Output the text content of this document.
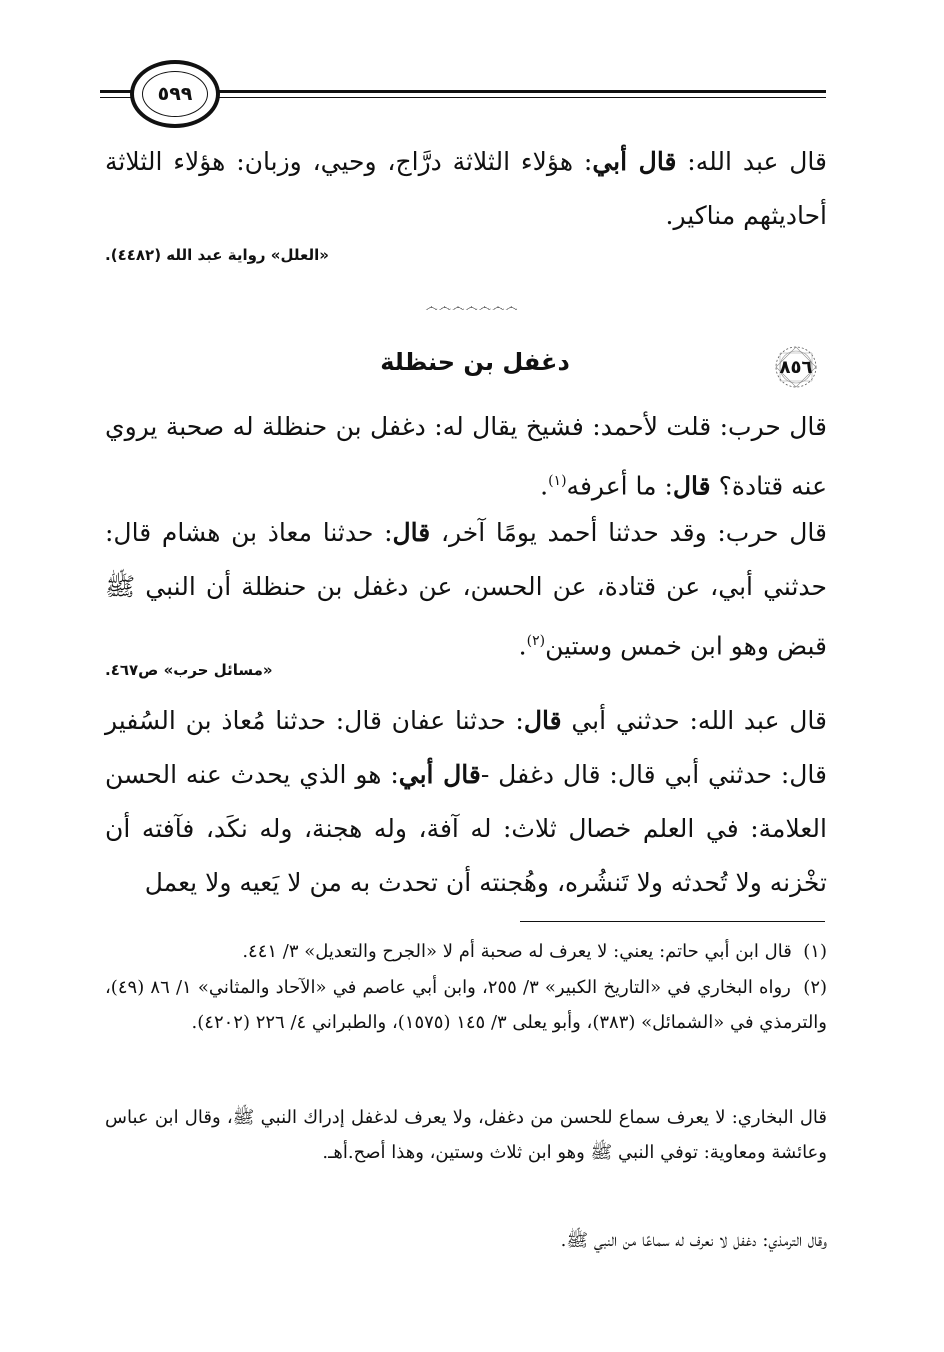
٥٩٩
قال عبد الله: قال أبي: هؤلاء الثلاثة درَّاج، وحيي، وزبان: هؤلاء الثلاثة أحاديثهم مناكير.
«العلل» رواية عبد الله (٤٤٨٢).
෴෴෴෴෴෴෴
٨٥٦
دغفل بن حنظلة
قال حرب: قلت لأحمد: فشيخ يقال له: دغفل بن حنظلة له صحبة يروي عنه قتادة؟ قال: ما أعرفه$^{(١)}$.
قال حرب: وقد حدثنا أحمد يومًا آخر، قال: حدثنا معاذ بن هشام قال: حدثني أبي، عن قتادة، عن الحسن، عن دغفل بن حنظلة أن النبي ﷺ قبض وهو ابن خمس وستين$^{(٢)}$.
«مسائل حرب» ص٤٦٧.
قال عبد الله: حدثني أبي قال: حدثنا عفان قال: حدثنا مُعاذ بن السُفير قال: حدثني أبي قال: قال دغفل -قال أبي: هو الذي يحدث عنه الحسن العلامة: في العلم خصال ثلاث: له آفة، وله هجنة، وله نكَد، فآفته أن تخْزنه ولا تُحدثه ولا تَنشُره، وهُجنته أن تحدث به من لا يَعيه ولا يعمل
(١)  قال ابن أبي حاتم: يعني: لا يعرف له صحبة أم لا «الجرح والتعديل» ٣/ ٤٤١.
(٢)  رواه البخاري في «التاريخ الكبير» ٣/ ٢٥٥، وابن أبي عاصم في «الآحاد والمثاني» ١/ ٨٦ (٤٩)، والترمذي في «الشمائل» (٣٨٣)، وأبو يعلى ٣/ ١٤٥ (١٥٧٥)، والطبراني ٤/ ٢٢٦ (٤٢٠٢).
قال البخاري: لا يعرف سماع للحسن من دغفل، ولا يعرف لدغفل إدراك النبي ﷺ، وقال ابن عباس وعائشة ومعاوية: توفي النبي ﷺ وهو ابن ثلاث وستين، وهذا أصح.أهـ.
وقال الترمذي: دغفل لا نعرف له سماعًا من النبي ﷺ.
